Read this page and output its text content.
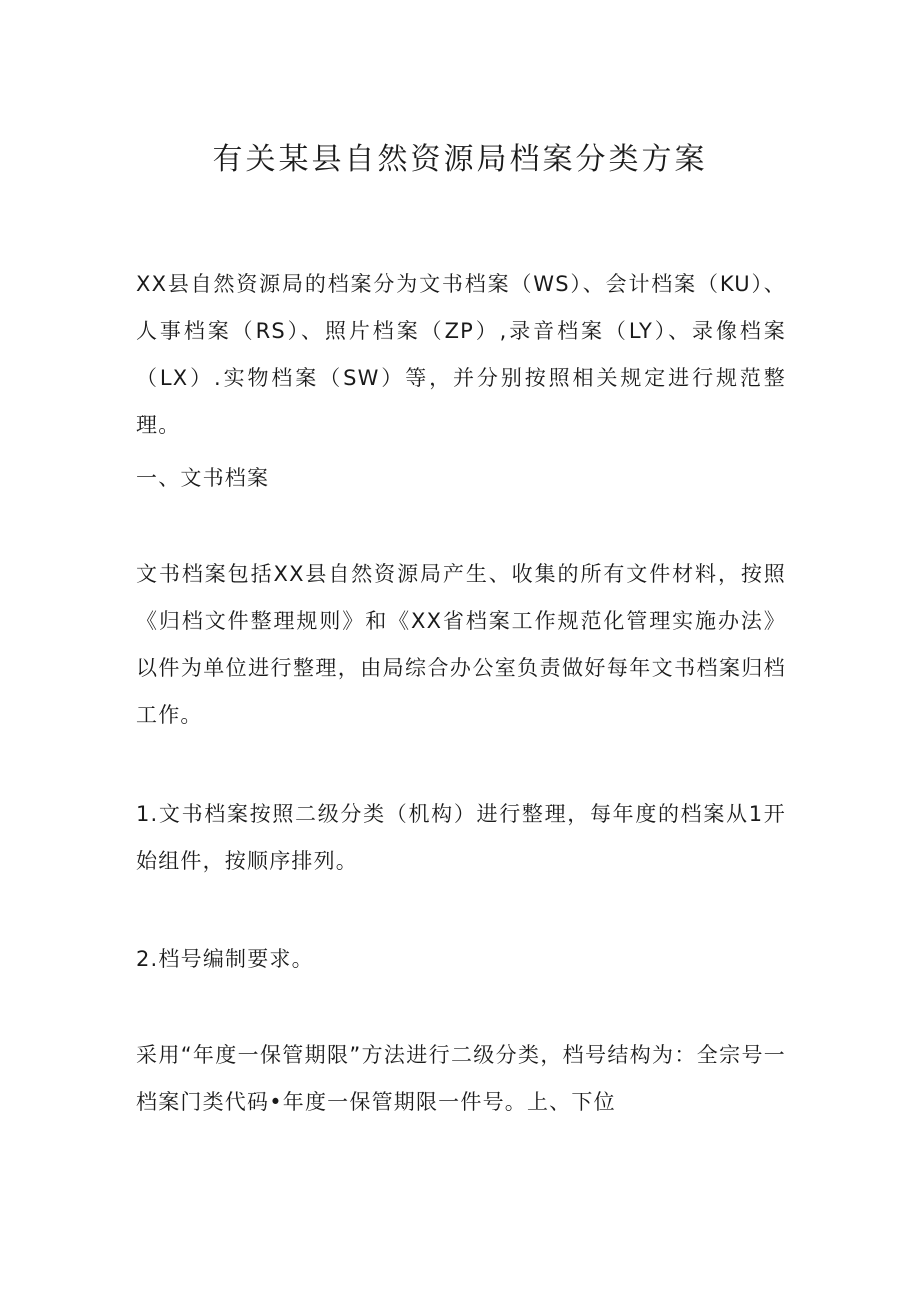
有关某县自然资源局档案分类方案

XX县自然资源局的档案分为文书档案（WS）、会计档案（KU）、人事档案（RS）、照片档案（ZP）,录音档案（LY）、录像档案（LX）.实物档案（SW）等，并分别按照相关规定进行规范整理。

一、文书档案

文书档案包括XX县自然资源局产生、收集的所有文件材料，按照《归档文件整理规则》和《XX省档案工作规范化管理实施办法》以件为单位进行整理，由局综合办公室负责做好每年文书档案归档工作。

1.文书档案按照二级分类（机构）进行整理，每年度的档案从1开始组件，按顺序排列。

2.档号编制要求。

采用“年度一保管期限”方法进行二级分类，档号结构为：全宗号一档案门类代码•年度一保管期限一件号。上、下位
